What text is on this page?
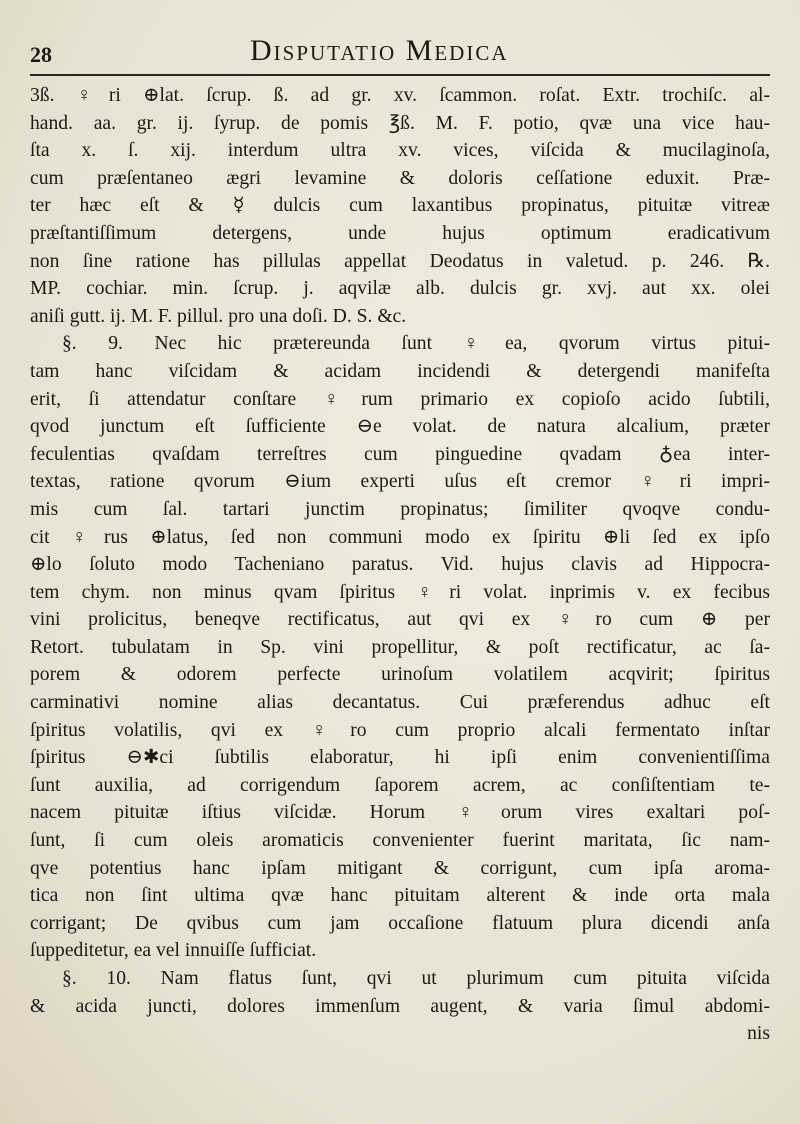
28	Disputatio Medica
3ß. ♀ri ⊕lat. ſcrup. ß. ad gr. xv. ſcammon. roſat. Extr. trochiſc. al-
hand. aa. gr. ij. ſyrup. de pomis ℥ß. M. F. potio, qvæ una vice hau-
ſta x. ſ. xij. interdum ultra xv. vices, viſcida & mucilaginoſa,
cum præſentaneo ægri levamine & doloris ceſſatione eduxit. Præ-
ter hæc eſt & ☿ dulcis cum laxantibus propinatus, pituitæ vitreæ
præſtantiſſimum detergens, unde hujus optimum eradicativum
non ſine ratione has pillulas appellat Deodatus in valetud. p. 246. ℞.
MP. cochiar. min. ſcrup. j. aqvilæ alb. dulcis gr. xvj. aut xx. olei
aniſi gutt. ij. M. F. pillul. pro una doſi. D. S. &c.
§. 9. Nec hic prætereunda ſunt ♀ea, qvorum virtus pitui-
tam hanc viſcidam & acidam incidendi & detergendi manifeſta
erit, ſi attendatur conſtare ♀rum primario ex copioſo acido ſubtili,
qvod junctum eſt ſufficiente ⊖e volat. de natura alcalium, præter
feculentias qvaſdam terreſtres cum pinguedine qvadam ♁ea inter-
textas, ratione qvorum ⊖ium experti uſus eſt cremor ♀ri impri-
mis cum ſal. tartari junctim propinatus; ſimiliter qvoqve condu-
cit ♀rus ⊕latus, ſed non communi modo ex ſpiritu ⊕li ſed ex ipſo
⊕lo ſoluto modo Tacheniano paratus. Vid. hujus clavis ad Hippocra-
tem chym. non minus qvam ſpiritus ♀ri volat. inprimis v. ex fecibus
vini prolicitus, beneqve rectificatus, aut qvi ex ♀ro cum ⊕ per
Retort. tubulatam in Sp. vini propellitur, & poſt rectificatur, ac ſa-
porem & odorem perfecte urinoſum volatilem acqvirit; ſpiritus
carminativi nomine alias decantatus. Cui præferendus adhuc eſt
ſpiritus volatilis, qvi ex ♀ro cum proprio alcali fermentato inſtar
ſpiritus ⊖✱ci ſubtilis elaboratur, hi ipſi enim convenientiſſima
ſunt auxilia, ad corrigendum ſaporem acrem, ac conſiſtentiam te-
nacem pituitæ iſtius viſcidæ. Horum ♀orum vires exaltari poſ-
ſunt, ſi cum oleis aromaticis convenienter fuerint maritata, ſic nam-
qve potentius hanc ipſam mitigant & corrigunt, cum ipſa aroma-
tica non ſint ultima qvæ hanc pituitam alterent & inde orta mala
corrigant; De qvibus cum jam occaſione flatuum plura dicendi anſa
ſuppeditetur, ea vel innuiſſe ſufficiat.
§. 10. Nam flatus ſunt, qvi ut plurimum cum pituita viſcida
& acida juncti, dolores immenſum augent, & varia ſimul abdomi-
nis
